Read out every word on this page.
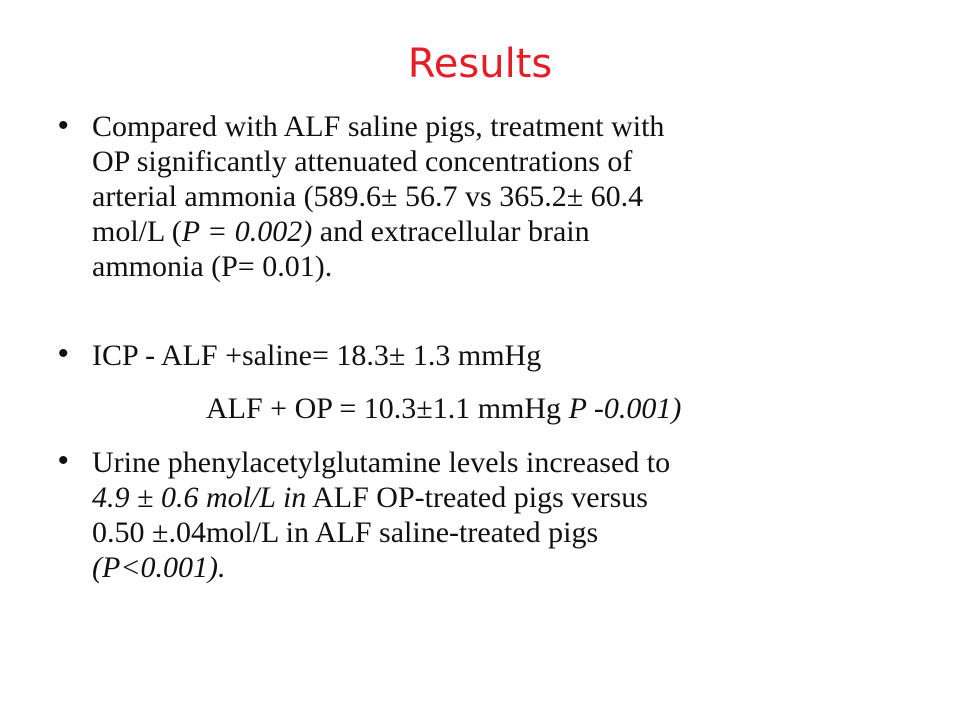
Results
• Compared with ALF saline pigs, treatment with
OP significantly attenuated concentrations of
arterial ammonia (589.6± 56.7 vs 365.2± 60.4
mol/L (P = 0.002) and extracellular brain
ammonia (P= 0.01).
• ICP - ALF +saline= 18.3± 1.3 mmHg
ALF + OP = 10.3±1.1 mmHg P -0.001)
• Urine phenylacetylglutamine levels increased to
4.9 ± 0.6 mol/L in ALF OP-treated pigs versus
0.50 ±.04mol/L in ALF saline-treated pigs
(P<0.001).
